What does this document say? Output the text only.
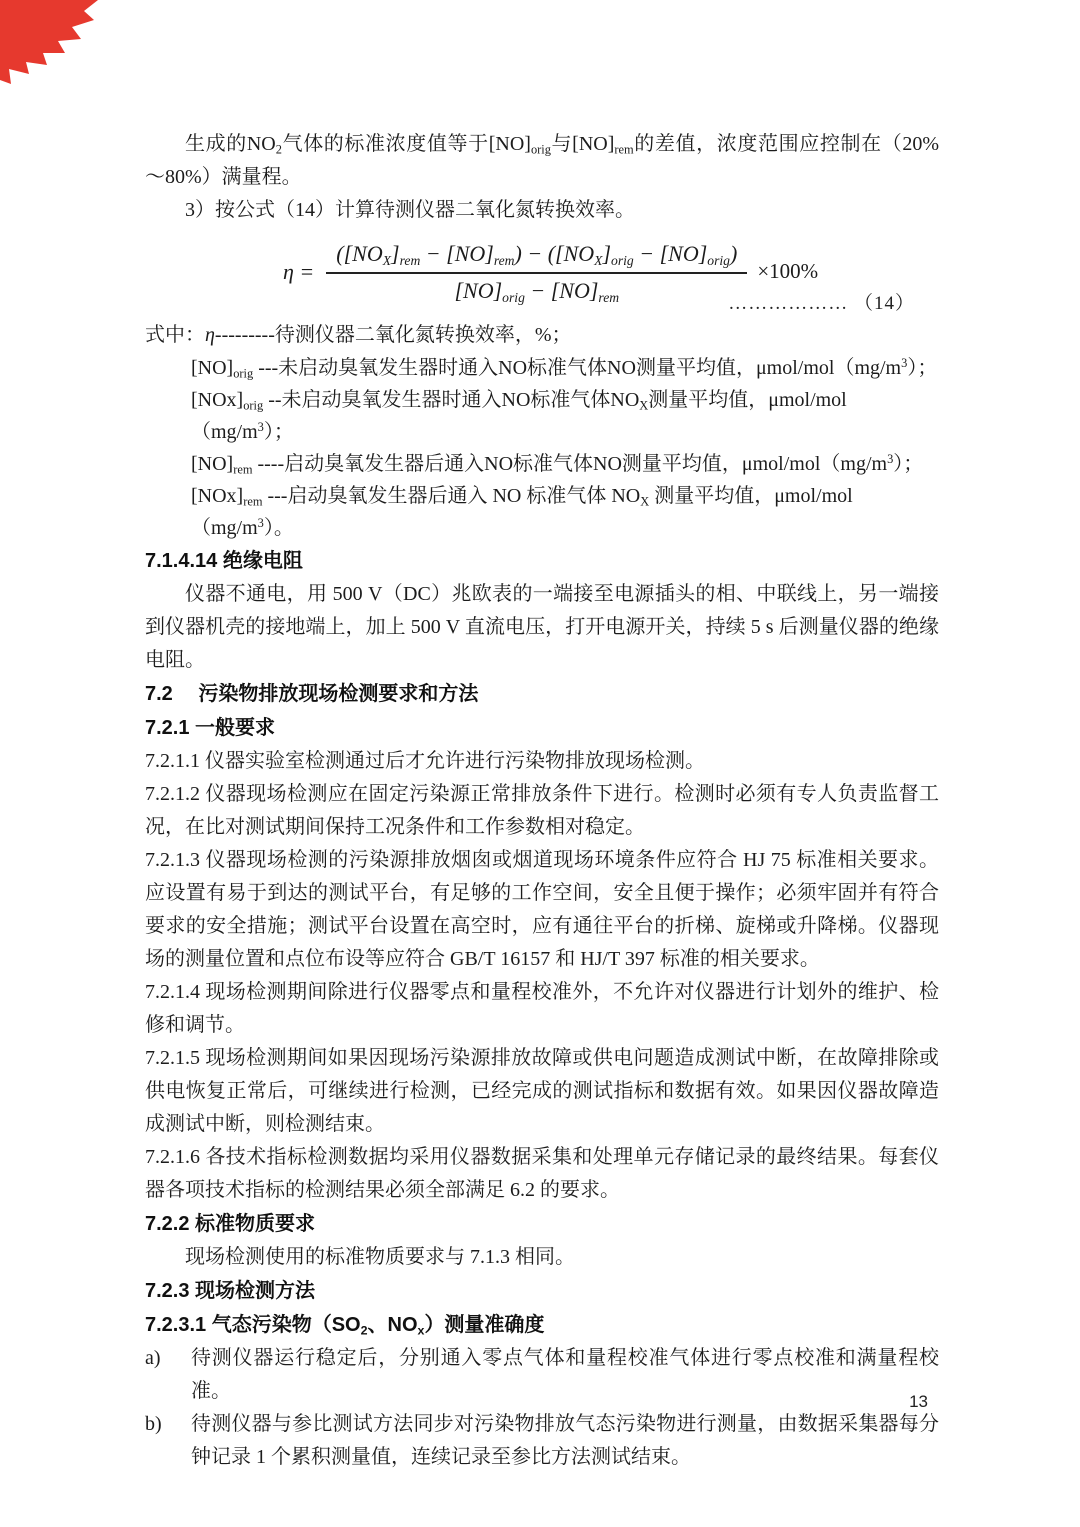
生成的$NO_2$气体的标准浓度值等于$[NO]_{orig}$与$[NO]_{rem}$的差值，浓度范围应控制在（20%～80%）满量程。

3）按公式（14）计算待测仪器二氧化氮转换效率。

$\eta = \frac{([NO_X]_{rem} - [NO]_{rem}) - ([NO_X]_{orig} - [NO]_{orig})}{[NO]_{orig} - [NO]_{rem}} \times 100\%$
……………… （14）

式中：η---------待测仪器二氧化氮转换效率，%；

$[NO]_{orig}$ ---未启动臭氧发生器时通入NO标准气体NO测量平均值，μmol/$mol(mg/m^3)$；

$[NOx]_{orig}$ --未启动臭氧发生器时通入NO标准气体$NO_X$测量平均值，μmol/$mol(mg/m^3)$；

$[NO]_{rem}$ ----启动臭氧发生器后通入NO标准气体NO测量平均值，μmol/$mol(mg/m^3)$；

$[NOx]_{rem}$ ---启动臭氧发生器后通入 NO 标准气体 $NO_X$ 测量平均值，μmol/$mol(mg/m^3)$。

7.1.4.14 绝缘电阻

仪器不通电，用 500 V（DC）兆欧表的一端接至电源插头的相、中联线上，另一端接到仪器机壳的接地端上，加上 500 V 直流电压，打开电源开关，持续 5 s 后测量仪器的绝缘电阻。

7.2　 污染物排放现场检测要求和方法

7.2.1 一般要求

7.2.1.1 仪器实验室检测通过后才允许进行污染物排放现场检测。

7.2.1.2 仪器现场检测应在固定污染源正常排放条件下进行。检测时必须有专人负责监督工况，在比对测试期间保持工况条件和工作参数相对稳定。

7.2.1.3 仪器现场检测的污染源排放烟囱或烟道现场环境条件应符合 HJ 75 标准相关要求。应设置有易于到达的测试平台，有足够的工作空间，安全且便于操作；必须牢固并有符合要求的安全措施；测试平台设置在高空时，应有通往平台的折梯、旋梯或升降梯。仪器现场的测量位置和点位布设等应符合 GB/T 16157 和 HJ/T 397 标准的相关要求。

7.2.1.4 现场检测期间除进行仪器零点和量程校准外，不允许对仪器进行计划外的维护、检修和调节。

7.2.1.5 现场检测期间如果因现场污染源排放故障或供电问题造成测试中断，在故障排除或供电恢复正常后，可继续进行检测，已经完成的测试指标和数据有效。如果因仪器故障造成测试中断，则检测结束。

7.2.1.6 各技术指标检测数据均采用仪器数据采集和处理单元存储记录的最终结果。每套仪器各项技术指标的检测结果必须全部满足 6.2 的要求。

7.2.2 标准物质要求

现场检测使用的标准物质要求与 7.1.3 相同。

7.2.3 现场检测方法

7.2.3.1 气态污染物（$SO_2$、$NO_x$）测量准确度

a) 待测仪器运行稳定后，分别通入零点气体和量程校准气体进行零点校准和满量程校准。
b) 待测仪器与参比测试方法同步对污染物排放气态污染物进行测量，由数据采集器每分钟记录 1 个累积测量值，连续记录至参比方法测试结束。
13
